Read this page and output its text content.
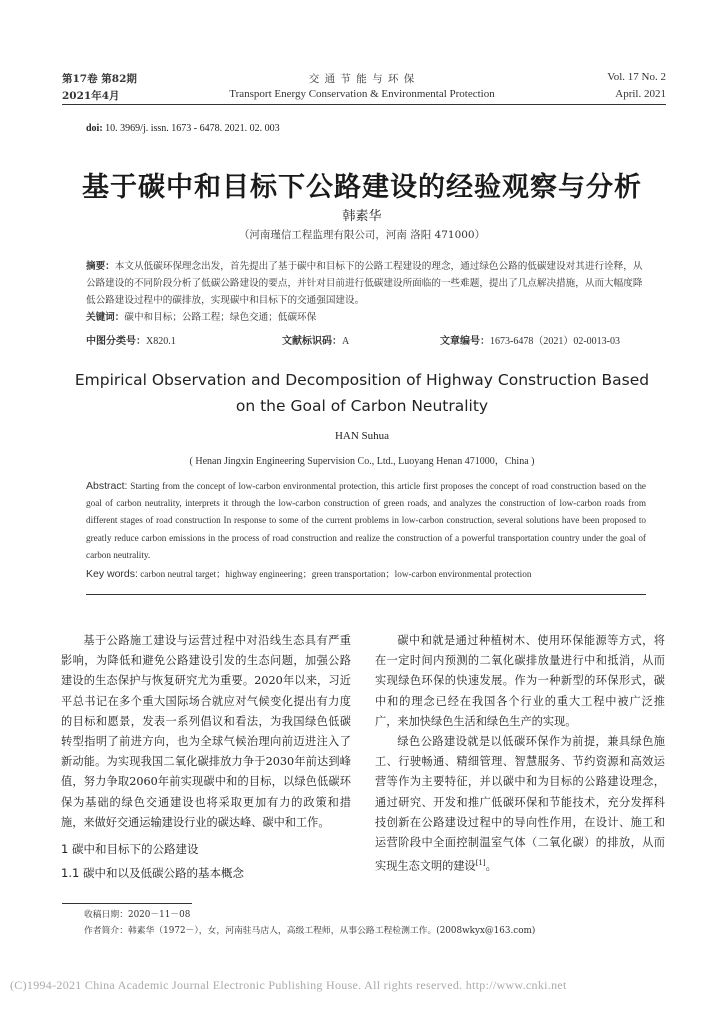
第17卷 第82期
2021年4月
交 通 节 能 与 环 保
Transport Energy Conservation & Environmental Protection
Vol. 17 No. 2
April. 2021
doi: 10. 3969/j. issn. 1673 - 6478. 2021. 02. 003
基于碳中和目标下公路建设的经验观察与分析
韩素华
（河南瑾信工程监理有限公司，河南 洛阳 471000）
摘要：本文从低碳环保理念出发，首先提出了基于碳中和目标下的公路工程建设的理念，通过绿色公路的低碳建设对其进行诠释，从公路建设的不同阶段分析了低碳公路建设的要点，并针对目前进行低碳建设所面临的一些难题，提出了几点解决措施，从而大幅度降低公路建设过程中的碳排放，实现碳中和目标下的交通强国建设。
关键词：碳中和目标；公路工程；绿色交通；低碳环保
中图分类号：X820.1	文献标识码：A	文章编号：1673-6478（2021）02-0013-03
Empirical Observation and Decomposition of Highway Construction Based
on the Goal of Carbon Neutrality
HAN Suhua
( Henan Jingxin Engineering Supervision Co., Ltd., Luoyang Henan 471000，China )
Abstract: Starting from the concept of low-carbon environmental protection, this article first proposes the concept of road construction based on the goal of carbon neutrality, interprets it through the low-carbon construction of green roads, and analyzes the construction of low-carbon roads from different stages of road construction In response to some of the current problems in low-carbon construction, several solutions have been proposed to greatly reduce carbon emissions in the process of road construction and realize the construction of a powerful transportation country under the goal of carbon neutrality.
Key words: carbon neutral target；highway engineering；green transportation；low-carbon environmental protection

基于公路施工建设与运营过程中对沿线生态具有严重影响，为降低和避免公路建设引发的生态问题，加强公路建设的生态保护与恢复研究尤为重要。2020年以来，习近平总书记在多个重大国际场合就应对气候变化提出有力度的目标和愿景，发表一系列倡议和看法，为我国绿色低碳转型指明了前进方向，也为全球气候治理向前迈进注入了新动能。为实现我国二氧化碳排放力争于2030年前达到峰值，努力争取2060年前实现碳中和的目标，以绿色低碳环保为基础的绿色交通建设也将采取更加有力的政策和措施，来做好交通运输建设行业的碳达峰、碳中和工作。

1 碳中和目标下的公路建设

1.1 碳中和以及低碳公路的基本概念

碳中和就是通过种植树木、使用环保能源等方式，将在一定时间内预测的二氧化碳排放量进行中和抵消，从而实现绿色环保的快速发展。作为一种新型的环保形式，碳中和的理念已经在我国各个行业的重大工程中被广泛推广，来加快绿色生活和绿色生产的实现。

绿色公路建设就是以低碳环保作为前提，兼具绿色施工、行驶畅通、精细管理、智慧服务、节约资源和高效运营等作为主要特征，并以碳中和为目标的公路建设理念，通过研究、开发和推广低碳环保和节能技术，充分发挥科技创新在公路建设过程中的导向性作用，在设计、施工和运营阶段中全面控制温室气体（二氧化碳）的排放，从而实现生态文明的建设[1]。

收稿日期：2020－11－08
作者简介：韩素华（1972－），女，河南驻马店人，高级工程师，从事公路工程检测工作。(2008wkyx@163.com)
(C)1994-2021 China Academic Journal Electronic Publishing House. All rights reserved. http://www.cnki.net
